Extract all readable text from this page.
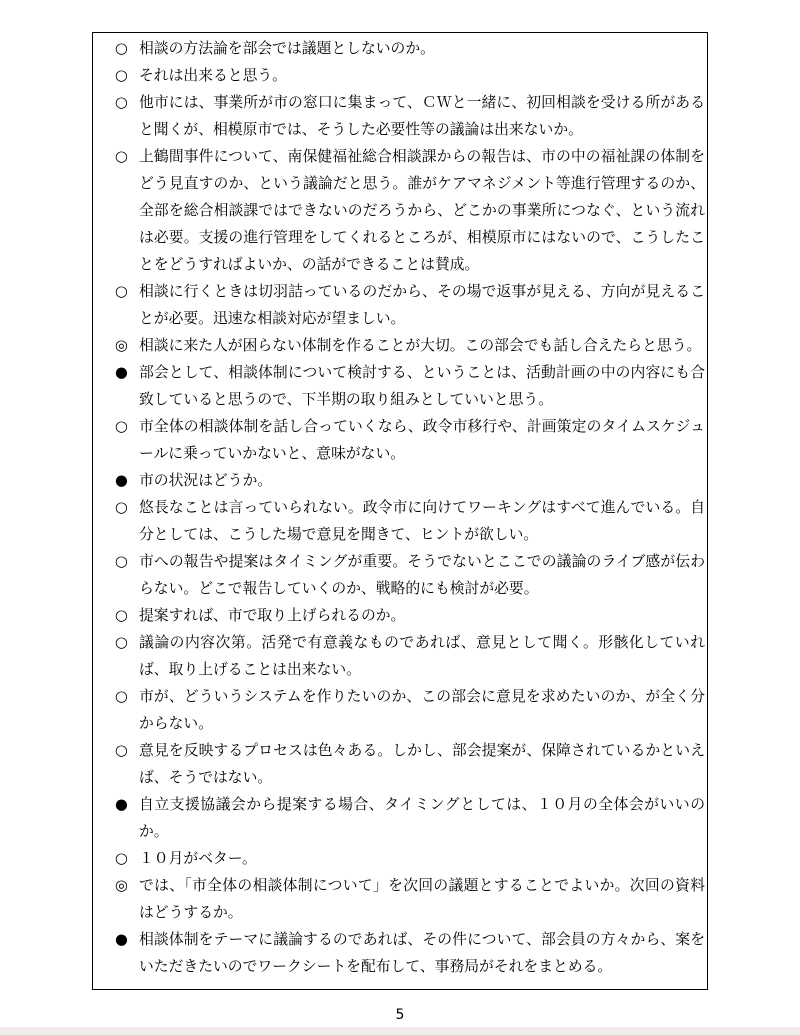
○ 相談の方法論を部会では議題としないのか。
○ それは出来ると思う。
○ 他市には、事業所が市の窓口に集まって、ＣＷと一緒に、初回相談を受ける所があると聞くが、相模原市では、そうした必要性等の議論は出来ないか。
○ 上鶴間事件について、南保健福祉総合相談課からの報告は、市の中の福祉課の体制をどう見直すのか、という議論だと思う。誰がケアマネジメント等進行管理するのか、全部を総合相談課ではできないのだろうから、どこかの事業所につなぐ、という流れは必要。支援の進行管理をしてくれるところが、相模原市にはないので、こうしたことをどうすればよいか、の話ができることは賛成。
○ 相談に行くときは切羽詰っているのだから、その場で返事が見える、方向が見えることが必要。迅速な相談対応が望ましい。
◎ 相談に来た人が困らない体制を作ることが大切。この部会でも話し合えたらと思う。
● 部会として、相談体制について検討する、ということは、活動計画の中の内容にも合致していると思うので、下半期の取り組みとしていいと思う。
○ 市全体の相談体制を話し合っていくなら、政令市移行や、計画策定のタイムスケジュールに乗っていかないと、意味がない。
● 市の状況はどうか。
○ 悠長なことは言っていられない。政令市に向けてワーキングはすべて進んでいる。自分としては、こうした場で意見を聞きて、ヒントが欲しい。
○ 市への報告や提案はタイミングが重要。そうでないとここでの議論のライブ感が伝わらない。どこで報告していくのか、戦略的にも検討が必要。
○ 提案すれば、市で取り上げられるのか。
○ 議論の内容次第。活発で有意義なものであれば、意見として聞く。形骸化していれば、取り上げることは出来ない。
○ 市が、どういうシステムを作りたいのか、この部会に意見を求めたいのか、が全く分からない。
○ 意見を反映するプロセスは色々ある。しかし、部会提案が、保障されているかといえば、そうではない。
● 自立支援協議会から提案する場合、タイミングとしては、１０月の全体会がいいのか。
○ １０月がベター。
◎ では、「市全体の相談体制について」を次回の議題とすることでよいか。次回の資料はどうするか。
● 相談体制をテーマに議論するのであれば、その件について、部会員の方々から、案をいただきたいのでワークシートを配布して、事務局がそれをまとめる。
5
